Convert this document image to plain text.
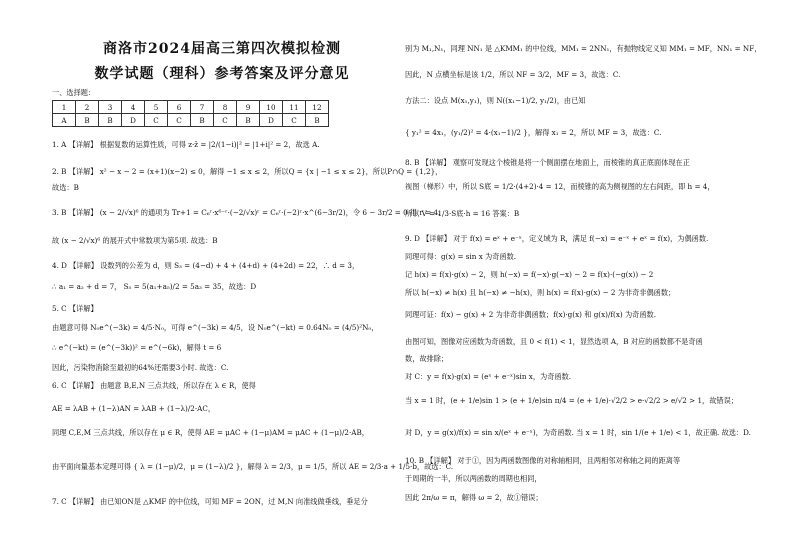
商洛市2024届高三第四次模拟检测
数学试题（理科）参考答案及评分意见
一、选择题：
1. A 【详解】 根据复数的运算性质，可得 z·z̄ = |2/(1−i)|² = |1+i|² = 2，故选 A.
2. B 【详解】 x² − x − 2 = (x+1)(x−2) ≤ 0，解得 −1 ≤ x ≤ 2，所以Q = {x | −1 ≤ x ≤ 2}，所以P∩Q = {1,2}，
故选：B
3. B 【详解】 (x − 2/√x)⁶ 的通项为 Tr+1 = C₆ʳ·x⁶⁻ʳ·(−2/√x)ʳ = C₆ʳ·(−2)ʳ·x^(6−3r/2)，令 6 − 3r/2 = 0 得 r = 4.
故 (x − 2/√x)⁶ 的展开式中常数项为第5项. 故选：B
4. D 【详解】 设数列的公差为 d，则 S₃ = (4−d) + 4 + (4+d) + (4+2d) = 22，∴ d = 3，
∴ a₁ = a₂ + d = 7， S₅ = 5(a₁+a₅)/2 = 5a₃ = 35，故选：D
5. C 【详解】
由题意可得 N₀e^(−3k) = 4/5·N₀，可得 e^(−3k) = 4/5，设 N₀e^(−kt) = 0.64N₀ = (4/5)²N₀，
∴ e^(−kt) = (e^(−3k))² = e^(−6k)，解得 t = 6
因此，污染物消除至最初的64%还需要3小时. 故选：C.
6. C 【详解】 由题意 B,E,N 三点共线，所以存在 λ ∈ R，使得
AE = λAB + (1−λ)AN = λAB + (1−λ)/2·AC，
同理 C,E,M 三点共线，所以存在 μ ∈ R，使得 AE = μAC + (1−μ)AM = μAC + (1−μ)/2·AB，
由平面向量基本定理可得 { λ = (1−μ)/2，μ = (1−λ)/2 }，解得 λ = 2/3，μ = 1/5，所以 AE = 2/3·a + 1/5·b，故选：C.
7. C 【详解】 由已知ON是 △KMF 的中位线，可知 MF = 2ON，过 M,N 向准线做垂线，垂足分
1	2	3	4	5	6	7	8	9	10	11	12
A	B	B	D	C	C	B	C	B	D	C	B
别为 M₁,N₁，同理 NN₁ 是 △KMM₁ 的中位线，MM₁ = 2NN₁，有抛物线定义知 MM₁ = MF，NN₁ = NF，
因此，N 点横坐标是该 1/2，所以 NF = 3/2，MF = 3，故选：C.
方法二：设点 M(x₁,y₁)，则 N((x₁−1)/2, y₁/2)，由已知
{ y₁² = 4x₁，(y₁/2)² = 4·(x₁−1)/2 }，解得 x₁ = 2，所以 MF = 3，故选：C.
8. B 【详解】 观察可发现这个棱锥是将一个侧面摆在地面上，而棱锥的真正底面体现在正
视图（梯形）中，所以 S底 = 1/2·(4+2)·4 = 12，而棱锥的高为侧视图的左右间距，即 h = 4，
所以 V = 1/3·S底·h = 16 答案：B
9. D 【详解】 对于 f(x) = eˣ + e⁻ˣ，定义域为 R，满足 f(−x) = e⁻ˣ + eˣ = f(x)，为偶函数.
同理可得：g(x) = sin x 为奇函数.
记 h(x) = f(x)·g(x) − 2，则 h(−x) = f(−x)·g(−x) − 2 = f(x)·(−g(x)) − 2
所以 h(−x) ≠ h(x) 且 h(−x) ≠ −h(x)，则 h(x) = f(x)·g(x) − 2 为非奇非偶函数；
同理可证：f(x) − g(x) + 2 为非奇非偶函数；f(x)·g(x) 和 g(x)/f(x) 为奇函数.
由图可知，图像对应函数为奇函数，且 0 < f(1) < 1，显然选项 A，B 对应的函数都不是奇函
数，故排除；
对 C：y = f(x)·g(x) = (eˣ + e⁻ˣ)sin x，为奇函数.
当 x = 1 时，(e + 1/e)sin 1 > (e + 1/e)sin π/4 = (e + 1/e)·√2/2 > e·√2/2 > e/√2 > 1，故错误；
对 D，y = g(x)/f(x) = sin x/(eˣ + e⁻ˣ)，为奇函数. 当 x = 1 时，sin 1/(e + 1/e) < 1，故正确. 故选：D.
10. B 【详解】 对于①，因为两函数图像的对称轴相同，且两相邻对称轴之间的距离等
于周期的一半，所以两函数的周期也相同，
因此 2π/ω = π，解得 ω = 2，故①错误；
